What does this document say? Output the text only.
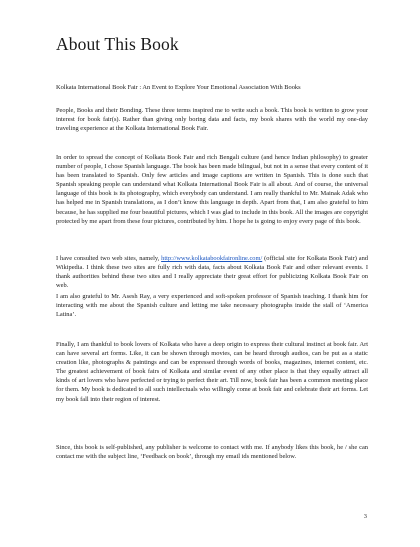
About This Book

Kolkata International Book Fair : An Event to Explore Your Emotional Association With Books

People, Books and their Bonding. These three terms inspired me to write such a book. This book is written to grow your interest for book fair(s). Rather than giving only boring data and facts, my book shares with the world my one-day traveling experience at the Kolkata International Book Fair.

In order to spread the concept of Kolkata Book Fair and rich Bengali culture (and hence Indian philosophy) to greater number of people, I chose Spanish language. The book has been made bilingual, but not in a sense that every content of it has been translated to Spanish. Only few articles and image captions are written in Spanish. This is done such that Spanish speaking people can understand what Kolkata International Book Fair is all about. And of course, the universal language of this book is its photography, which everybody can understand. I am really thankful to Mr. Mainak Adak who has helped me in Spanish translations, as I don’t know this language in depth. Apart from that, I am also grateful to him because, he has supplied me four beautiful pictures, which I was glad to include in this book. All the images are copyright protected by me apart from these four pictures, contributed by him. I hope he is going to enjoy every page of this book.

I have consulted two web sites, namely, http://www.kolkatabookfaironline.com/ (official site for Kolkata Book Fair) and Wikipedia. I think these two sites are fully rich with data, facts about Kolkata Book Fair and other relevant events. I thank authorities behind these two sites and I really appreciate their great effort for publicizing Kolkata Book Fair on web.

I am also grateful to Mr. Asesh Ray, a very experienced and soft-spoken professor of Spanish teaching. I thank him for interacting with me about the Spanish culture and letting me take necessary photographs inside the stall of ‘America Latina’.

Finally, I am thankful to book lovers of Kolkata who have a deep origin to express their cultural instinct at book fair. Art can have several art forms. Like, it can be shown through movies, can be heard through audios, can be put as a static creation like, photographs & paintings and can be expressed through words of books, magazines, internet content, etc. The greatest achievement of book fairs of Kolkata and similar event of any other place is that they equally attract all kinds of art lovers who have perfected or trying to perfect their art. Till now, book fair has been a common meeting place for them. My book is dedicated to all such intellectuals who willingly come at book fair and celebrate their art forms. Let my book fall into their region of interest.

Since, this book is self-published, any publisher is welcome to contact with me. If anybody likes this book, he / she can contact me with the subject line, ‘Feedback on book’, through my email ids mentioned below.

3
